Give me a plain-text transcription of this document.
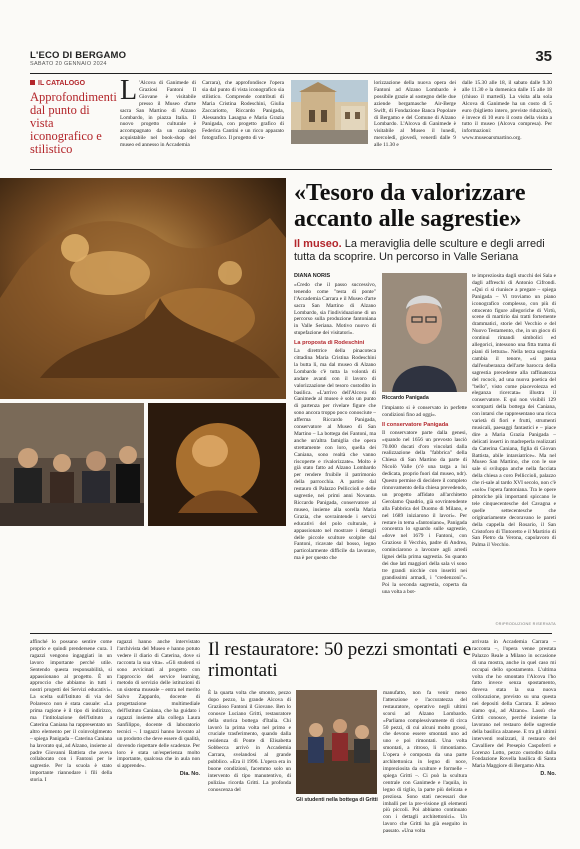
L'ECO DI BERGAMO
SABATO 20 GENNAIO 2024	35
IL CATALOGO
Approfondimenti dal punto di vista iconografico e stilistico
L 'Alcova di Ganimede di Graziosi Fantoni Il Giovane è visitabile presso il Museo d'arte sacra San Martino di Alzano Lombardo, in piazza Italia. Il nuovo progetto culturale è accompagnato da un catalogo acquistabile nel book-shop del museo ed annesso in Accademia
Carrara), che approfondisce l'opera sia dal punto di vista iconografico sia stilistico. Comprende contributi di Maria Cristina Rodeschini, Giulia Zaccariotto, Riccardo Panigada, Alessandra Lasagna e Maria Grazia Panigada, con progetto grafico di Federica Cantini e un ricco apparato fotografico. Il progetto di va-
lorizzazione della nuova opera dei Fantoni ad Alzano Lombardo è possibile grazie al sostegno delle due aziende bergamasche Air-Berge Swift, di Fondazione Banca Popolare di Bergamo e del Comune di Alzano Lombardo. L'Alcova di Ganimede è visitabile al Museo il lunedì, mercoledì, giovedì, venerdì dalle 9 alle 11.30 e
dalle 15.30 alle 18, il sabato dalle 9.30 alle 11.30 e la domenica dalle 15 alle 18 (chiuso il martedì). La visita alla sola Alcova di Ganimede ha un costo di 5 euro (biglietto intero, previste riduzioni), è invece di 10 euro il costo della visita a tutto il museo (Alcova compresa). Per informazioni: www.museoarsmartino.org.
«Tesoro da valorizzare accanto alle sagrestie»
Il museo. La meraviglia delle sculture e degli arredi tutta da scoprire. Un percorso in Valle Seriana
DIANA NORIS

«Credo che il passo successivo, tenendo come "testa di ponte" l'Accademia Carrara e il Museo d'arte sacra San Martino di Alzano Lombardo, sia l'individuazione di un percorso sulla produzione fantoniana in Valle Seriana. Motivo nuovo di stupefazione dei visitatori».

La proposta di Rodeschini

La direttrice della pinacoteca cittadina Maria Cristina Rodeschini la butta lì, ma dal museo di Alzano Lombardo c'è tutta la volontà di andare avanti con il lavoro di valorizzazione del tesoro custodito in basilica. «L'arrivo dell'Alcova di Ganimede al museo è solo un punto di partenza per rivelare figure che sono ancora troppo poco conosciute – afferma Riccardo Panigada, conservatore al Museo di San Martino – La bottega dei Fantoni, ma anche un'altra famiglia che opera strettamente con loro, quella dei Caniana, sono realtà che vanno riscoperte e rivalorizzate». Molto è già stato fatto ad Alzano Lombardo per rendere fruibile il patrimonio della parrocchia. A partire dal restauro di Palazzo Pelliccioli e delle sagrestie, nei primi anni Novanta. Riccardo Panigada, conservatore al museo, insieme alla sorella Maria Grazia, che sovraintende i servizi educativi del polo culturale, è appassionato nel mostrare i dettagli delle piccole sculture scolpite dal Fantoni, ricavate dal bosso, legno particolarmente difficile da lavorare, ma è per questo che

Riccardo Panigada

l'impianto si è conservato in perfette condizioni fino ad oggi».

Il conservatore Panigada

Il conservatore parte dalla genesi, «quando nel 1656 un prevosto lasciò 70.000 ducati d'oro vincolati dalla realizzazione della "fabbrica" della Chiesa di San Martino da parte di Nicolò Valle (c'è una targa a lui dedicata, proprio fuori dal museo, ndr). Questo permise di decidere il completo rinnovamento della chiesa prevedendo, un progetto affidato all'architetto Gerolamo Quadrio, già sovrintendente alla Fabbrica del Duomo di Milano, e nel 1689 iniziarono il lavori». Per restare in tema «fantoniano», Panigada concentra lo sguardo sulle sagrestie, «dove nel 1679 i Fantoni, con Grazioso il Vecchio, padre di Andrea, cominciarono a lavorare agli arredi lignei della prima sagrestia. Su quanto dei due lati maggiori della sala vi sono tre grandi nicchie con inseriti nei grandissimi armadi, i "credenzoni"». Poi la seconda sagrestia, coperta da una volta a bot-

te impreziosita dagli stucchi dei Sala e dagli affreschi di Antonio Cifrondi. «Qui ci si riunisce a pregare – spiega Panigada – Vi troviamo un piano iconografico complesso, con più di ottocento figure allegoriche di Virtù, scene di martirio dai tratti fortemente drammatici, storie del Vecchio e del Nuovo Testamento, che, in un gioco di continui rimandi simbolici ed allegorici, intessono una fitta trama di piani di lettura». Nella terza sagrestia cambia il tenore, «si passa dall'esuberanza dell'arte barocca della sagrestia precedente alla raffinatezza del rococò, ad una nuova poetica del "bello", visto come piacevolezza ed eleganza ricercata» illustra il conservatore. E qui non visibili 129 scomparti della bottega dei Caniana, con intarsi che rappresentano una ricca varietà di fiori e frutti, strumenti musicali, paesaggi fantastici e – piace dire a Maria Grazia Panigada – delicati inserti in madreperla realizzati da Caterina Caniana, figlia di Giovan Battista, abile intarsiatrice». Ma nel Museo San Martino, che con le sue sale si sviluppa anche nella facciata della chiesa a coro Pelliccioli, palazzo che ri-sale al tardo XVI secolo, non c'è «solo» l'opera fantoniana. Tra le opere pittoriche più importanti spiccano le tele cinquecentesche del Cavagna e quelle settecentesche che originariamente decoravano le pareti della cappella del Rosario, il San Cristoforo di Tintoretto e il Martirio di San Pietro da Verona, capolavoro di Palma il Vecchio.
©RIPRODUZIONE RISERVATA
affinché lo possano sentire come proprio e quindi prendersene cura. I ragazzi vengono ingaggiati in un lavoro importante perché utile. Sentendo questa responsabilità, si appassionano al progetto. È un approccio che abbiamo in tutti i nostri progetti dei Servizi educativi». La scelta sull'Istituto di via del Polaresco non è stata casuale: «La prima ragione è il tipo di indirizzo, ma l'intitolazione dell'Istituto a Caterina Caniana ha rappresentato un altro elemento per il coinvolgimento – spiega Panigada – Caterina Caniana ha lavorato qui, ad Alzano, insieme al padre Giovanni Battista che aveva collaborato con i Fantoni per le sagrestie. Per la scuola è stato importante riannodare i fili della storia. I

ragazzi hanno anche intervistato l'archivista del Museo e hanno potuto vedere il diario di Caterina, dove si racconta la sua vita». «Gli studenti si sono avvicinati al progetto con l'approccio del service learning, metodo di servizio delle istituzioni di un sistema museale – entra nel merito Salvo Zappardo, docente di progettazione multimediale dell'Istituto Caniana, che ha guidato i ragazzi insieme alla collega Laura Sanfilippo, docente di laboratorio tecnici –. I ragazzi hanno lavorato al un prodotto che deve essere di qualità, dovendo rispettare delle scadenze. Per loro è stata un'esperienza molto importante, qualcosa che in aula non si apprende».

Dia. No.
Il restauratore: 50 pezzi smontati e rimontati
È la quarta volta che smonto, pezzo dopo pezzo, la grande Alcova di Graziioso Fantoni il Giovane. Ben lo conosce Luciano Gritti, restauratore della storica bottega d'Italia. Chi lavorò la prima volta nel primo e cruciale trasferimento, quando dalla residenza di Ponte di Elisabetta Sobbecca arrivò in Accademia Carrara, svelandosi al grande pubblico. «Era il 1996. L'opera era in buone condizioni, facemmo solo un intervento di tipo manutentivo, di pulizia» ricorda Gritti. La profonda conoscenza del
Gli studenti nella bottega di Gritti
manufatto, non fa venir meno l'attenzione e l'accuratezza del restauratore, operativo negli ultimi scorsi ad Alzano Lombardo. «Parliamo complessivamente di circa 50 pezzi, di cui alcuni molto grossi, che devono essere smontati uno ad uno e poi rimontati. Una volta smontati, a ritroso, li rimontiamo. L'opera è composta da una parte architettonica in legno di noce, impreziosita da sculture e formelle – spiega Gritti –. Ci può la scultura centrale con Ganimede e l'aquila, in legno di tiglio, la parte più delicata e preziosa. Sono stati necessari due imballi per la pre-visione gli elementi più piccoli. Poi abbiamo continuato con i dettagli architettonici». Un lavoro che Gritti ha già eseguito in passato. «Una volta

arrivata in Accademia Carrara – racconta –, l'opera venne prestata Palazzo Reale a Milano in occasione di una mostra, anche in quel caso mi occupai dello spostamento. L'ultima volta che ho smontato l'Alcova l'ho fatto invece senza spostamento, doveva stata la sua nuova collocazione, previsto su una questa nei depositi della Carrara. E adesso siamo qui, ad Alzano». Lassù che Gritti conosce, perché insieme la lavorano nel restauro delle sagrestie della basilica alzanese. E tra gli ultimi interventi realizzati, il restauro del Cavalliere del Presepio Caspoferri e Lorenzo Lotto, pezzo custodito dalla Fondazione Rovella basilica di Santa Maria Maggiore di Bergamo Alta.

D. No.
